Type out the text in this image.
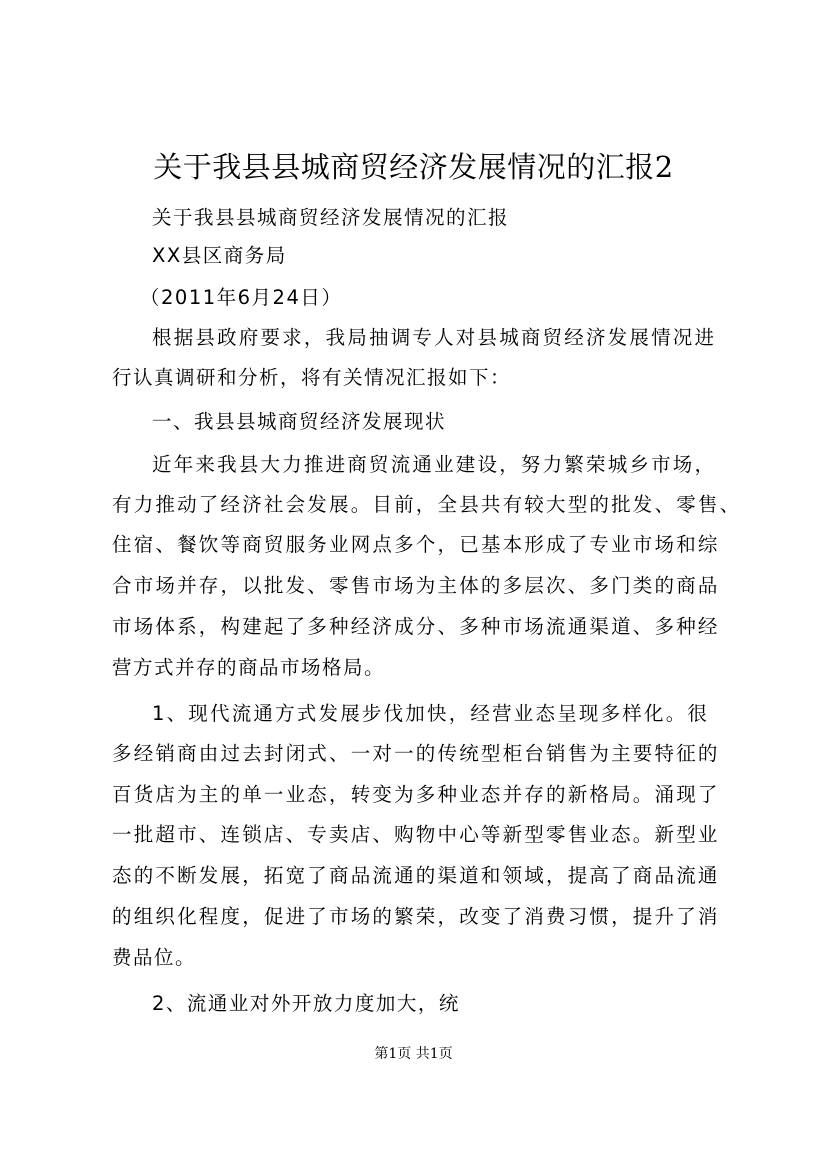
关于我县县城商贸经济发展情况的汇报2
关于我县县城商贸经济发展情况的汇报
XX县区商务局
（2011年6月24日）
根据县政府要求，我局抽调专人对县城商贸经济发展情况进
行认真调研和分析，将有关情况汇报如下：
一、我县县城商贸经济发展现状
近年来我县大力推进商贸流通业建设，努力繁荣城乡市场，
有力推动了经济社会发展。目前，全县共有较大型的批发、零售、
住宿、餐饮等商贸服务业网点多个，已基本形成了专业市场和综
合市场并存，以批发、零售市场为主体的多层次、多门类的商品
市场体系，构建起了多种经济成分、多种市场流通渠道、多种经
营方式并存的商品市场格局。
1、现代流通方式发展步伐加快，经营业态呈现多样化。很
多经销商由过去封闭式、一对一的传统型柜台销售为主要特征的
百货店为主的单一业态，转变为多种业态并存的新格局。涌现了
一批超市、连锁店、专卖店、购物中心等新型零售业态。新型业
态的不断发展，拓宽了商品流通的渠道和领域，提高了商品流通
的组织化程度，促进了市场的繁荣，改变了消费习惯，提升了消
费品位。
2、流通业对外开放力度加大，统
第1页 共1页
